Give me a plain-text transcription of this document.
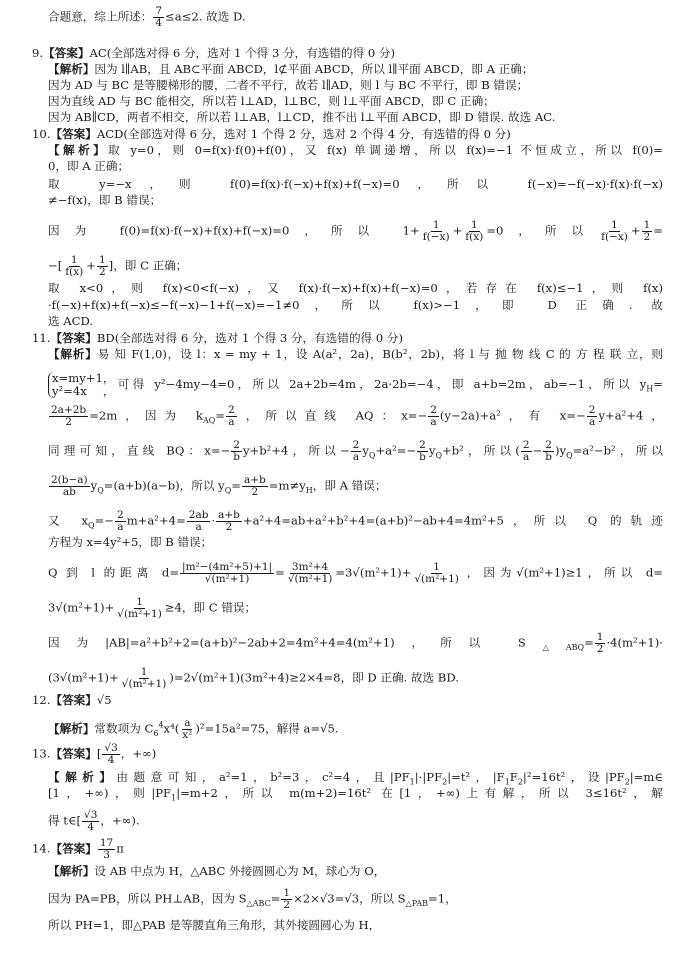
合题意，综上所述： $\frac{7}{4} \le a\le 2$. 故选 D.
9. 【 答案 】 AC(全部选对得 6 分，选对 1 个得 3 分，有选错的得 0 分)
【 解析 】 因为 l∥AB，且 AB⊂平面 ABCD，l⊄平面 ABCD，所以 l∥平面 ABCD，即 A 正确；
因为 AD 与 BC 是等腰梯形的腰，二者不平行，故若 l∥AD，则 l 与 BC 不平行，即 B 错误；
因为直线 AD 与 BC 能相交，所以若 l⊥AD，l⊥BC，则 l⊥平面 ABCD，即 C 正确；
因为 AB∥CD，两者不相交，所以若 l⊥AB，l⊥CD，推不出 l⊥平面 ABCD，即 D 错误. 故选 AC.
10. 【 答案 】 ACD(全部选对得 6 分，选对 1 个得 2 分，选对 2 个得 4 分，有选错的得 0 分)
【 解析 】 取 y=0，则 0=f(x)·f(0)+f(0)，又 f(x) 单调递增，所以 f(x)=−1 不恒成立，所以 f(0)=
0，即 A 正确；
取 y=−x，则 f(0)=f(x)·f(−x)+f(x)+f(−x)=0，所以 f(−x)=−f(−x)·f(x)·f(−x)
≠−f(x)，即 B 错误；
因为 f(0)=f(x)·f(−x)+f(x)+f(−x)=0，所以 $1+ \frac{1}{f(-x)} + \frac{1}{f(x)} =0$，所以 $\frac{1}{f(-x)} + \frac{1}{2}$ =
−[ $\frac{1}{f(x)} + \frac{1}{2}$ ]，即 C 正确；
取 x<0，则 f(x)<0<f(−x)，又 f(x)·f(−x)+f(x)+f(−x)=0，若存在 f(x)≤−1，则 f(x)
·f(−x)+f(x)+f(−x)≤−f(−x)−1+f(−x)=−1≠0，所以 f(x)>−1，即 D 正确. 故
选 ACD.
11. 【 答案 】 BD(全部选对得 6 分，选对 1 个得 3 分，有选错的得 0 分)
【 解析 】 易 知 F(1,0)，设 l：x = my + 1，设 A(a²，2a)，B(b²，2b)，将 l 与 抛 物 线 C 的 方 程 联 立，则
x=my+1，
y²=4x，可得 y²−4my−4=0，所以 2a+2b=4m，2a·2b=−4，即 a+b=2m，ab=−1，所以 $y_H=$
$\frac{2a+2b}{2} =2m$，因为 $k_{AQ}= \frac{2}{a}$ ，所以直线 AQ：$x=- \frac{2}{a} (y-2a)+a^2$，有 $x=- \frac{2}{a} y+a^2+4$，
同理可知，直线 BQ：$x=- \frac{2}{b} y+b^2+4$，所以− $\frac{2}{a} y_Q+a^2=- \frac{2}{b} y_Q+b^2$，所以( $\frac{2}{a} - \frac{2}{b} )y_Q=a^2-b^2$，所以
$\frac{2(b-a)}{ab} y_Q=(a+b)(a-b)$，所以 $y_Q= \frac{a+b}{2} =m\ne y_H$，即 A 错误；
又 $x_Q=- \frac{2}{a} m+a^2+4= \frac{2ab}{a} \cdot \frac{a+b}{2} +a^2+4=ab+a^2+b^2+4=(a+b)^2-ab+4=4m^2+5$，所以 Q 的轨迹
方程为 x=4y²+5，即 B 错误；
Q 到 l 的距离 $d= \frac{\text{|m²−(4m²+5)+1|}}{\text{√(m²+1)}} = \frac{\text{3m²+4}}{\text{√(m²+1)}} =3√(m^2+1)+ \frac{1}{\text{√(m²+1)}}$ ，因为√(m²+1)≥1，所以 d=
$3√(m^2+1)+ \frac{1}{\text{√(m²+1)}} \ge 4$，即 C 错误；
因为|AB|=a²+b²+2=(a+b)²−2ab+2=4m²+4=4(m²+1)，所以 $S_{\triangle ABQ}= \frac{1}{2} \cdot 4(m^2+1)\cdot$
$(3√(m^2+1)+ \frac{1}{\text{√(m²+1)}} )=2√(m^2+1)(3m^2+4)\ge 2\times 4=8$，即 D 正确. 故选 BD.
12. 【 答案 】 √5
【 解析 】 常数项为 $C_6^4x^4( \frac{a}{\text{x²}} )^2=15a^2=75$，解得 a=√5.
13. 【 答案 】 [ $\frac{√3}{4}$ ，+∞)
【 解析 】 由题意可知，a²=1，b²=3，c²=4，且$|PF_1|\cdot|PF_2|=t^2$，$|F_1F_2|^2=16t^2$，设$|PF_2|=m\in$
[1，+∞)，则$|PF_1|=m+2$，所以 m(m+2)=16t² 在[1，+∞)上有解，所以 3≤16t²，解
得 t∈[ $\frac{√3}{4}$ ，+∞).
14. 【 答案 】 $\frac{17}{3}$ π
【 解析 】 设 AB 中点为 H，△ABC 外接圆圆心为 M，球心为 O，
因为 PA=PB，所以 PH⊥AB，因为 $S_{\triangle ABC}= \frac{1}{2} \times 2\times√3=√3$，所以 $S_{\triangle PAB}=1$，
所以 PH=1，即△PAB 是等腰直角三角形，其外接圆圆心为 H，
